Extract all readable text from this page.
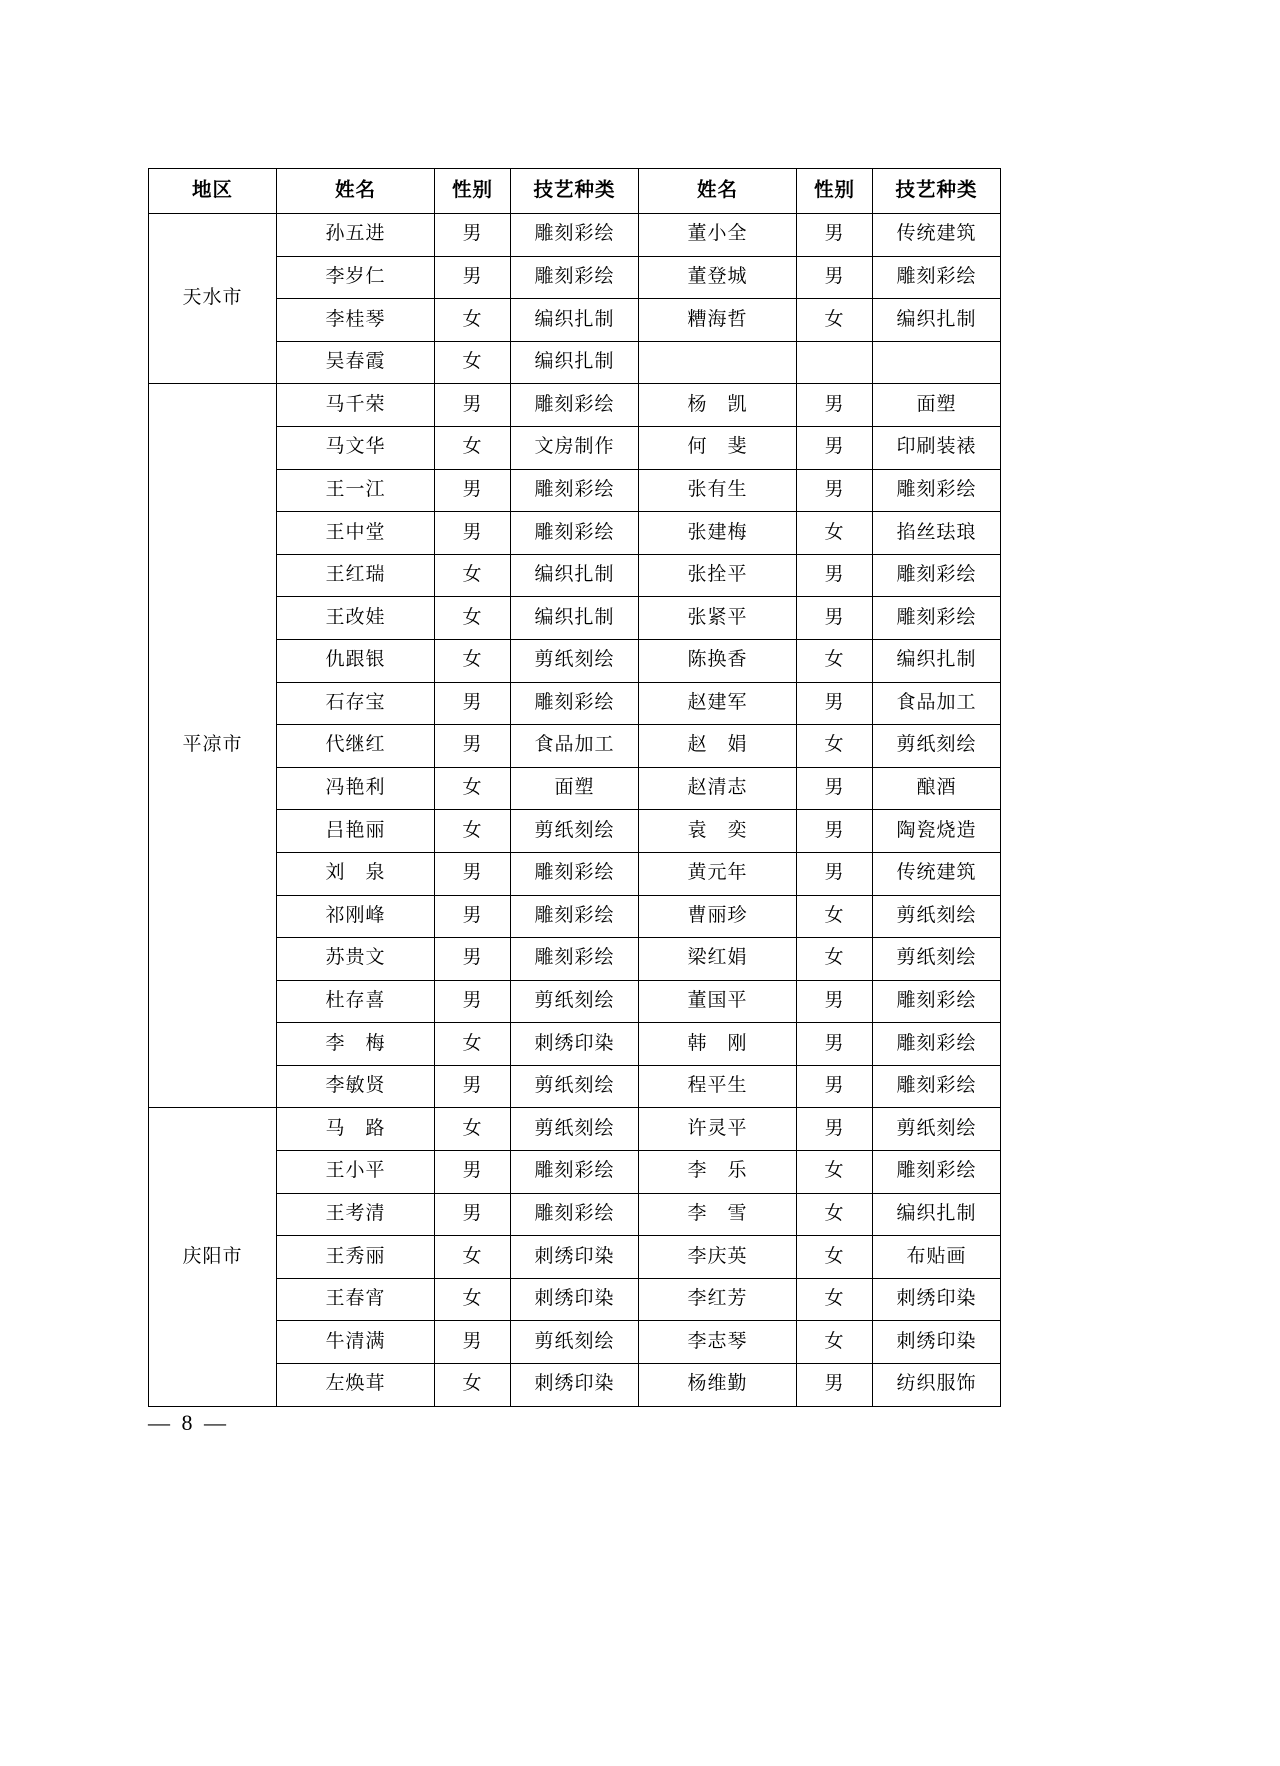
地区	姓名	性别	技艺种类	姓名	性别	技艺种类
天水市	孙五进	男	雕刻彩绘	董小全	男	传统建筑
	李岁仁	男	雕刻彩绘	董登城	男	雕刻彩绘
	李桂琴	女	编织扎制	糟海哲	女	编织扎制
	吴春霞	女	编织扎制			
平凉市	马千荣	男	雕刻彩绘	杨　凯	男	面塑
	马文华	女	文房制作	何　斐	男	印刷装裱
	王一江	男	雕刻彩绘	张有生	男	雕刻彩绘
	王中堂	男	雕刻彩绘	张建梅	女	掐丝珐琅
	王红瑞	女	编织扎制	张拴平	男	雕刻彩绘
	王改娃	女	编织扎制	张紧平	男	雕刻彩绘
	仇跟银	女	剪纸刻绘	陈换香	女	编织扎制
	石存宝	男	雕刻彩绘	赵建军	男	食品加工
	代继红	男	食品加工	赵　娟	女	剪纸刻绘
	冯艳利	女	面塑	赵清志	男	酿酒
	吕艳丽	女	剪纸刻绘	袁　奕	男	陶瓷烧造
	刘　泉	男	雕刻彩绘	黄元年	男	传统建筑
	祁刚峰	男	雕刻彩绘	曹丽珍	女	剪纸刻绘
	苏贵文	男	雕刻彩绘	梁红娟	女	剪纸刻绘
	杜存喜	男	剪纸刻绘	董国平	男	雕刻彩绘
	李　梅	女	刺绣印染	韩　刚	男	雕刻彩绘
	李敏贤	男	剪纸刻绘	程平生	男	雕刻彩绘
庆阳市	马　路	女	剪纸刻绘	许灵平	男	剪纸刻绘
	王小平	男	雕刻彩绘	李　乐	女	雕刻彩绘
	王考清	男	雕刻彩绘	李　雪	女	编织扎制
	王秀丽	女	刺绣印染	李庆英	女	布贴画
	王春宵	女	刺绣印染	李红芳	女	刺绣印染
	牛清满	男	剪纸刻绘	李志琴	女	刺绣印染
	左焕茸	女	刺绣印染	杨维勤	男	纺织服饰
— 8 —
